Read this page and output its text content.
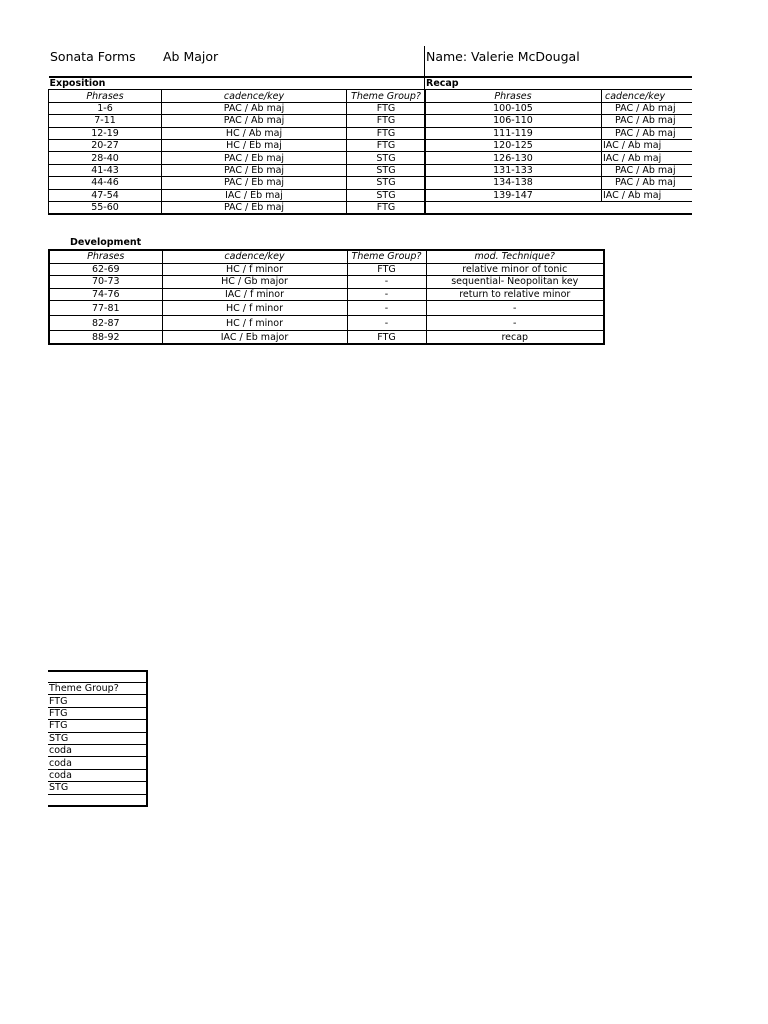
Sonata Forms Ab Major	Name: Valerie McDougal
Exposition		
Phrases	cadence/key	Theme Group?
1-6	PAC / Ab maj	FTG
7-11	PAC / Ab maj	FTG
12-19	HC / Ab maj	FTG
20-27	HC / Eb maj	FTG
28-40	PAC / Eb maj	STG
41-43	PAC / Eb maj	STG
44-46	PAC / Eb maj	STG
47-54	IAC / Eb maj	STG
55-60	PAC / Eb maj	FTG
Recap	
Phrases	cadence/key
100-105	PAC / Ab maj
106-110	PAC / Ab maj
111-119	PAC / Ab maj
120-125	IAC / Ab maj
126-130	IAC / Ab maj
131-133	PAC / Ab maj
134-138	PAC / Ab maj
139-147	IAC / Ab maj

Development
Phrases	cadence/key	Theme Group?	mod. Technique?
62-69	HC / f minor	FTG	relative minor of tonic
70-73	HC / Gb major	-	sequential- Neopolitan key
74-76	IAC / f minor	-	return to relative minor
77-81	HC / f minor	-	-
82-87	HC / f minor	-	-
88-92	IAC / Eb major	FTG	recap
Theme Group?
FTG
FTG
FTG
STG
coda
coda
coda
STG
